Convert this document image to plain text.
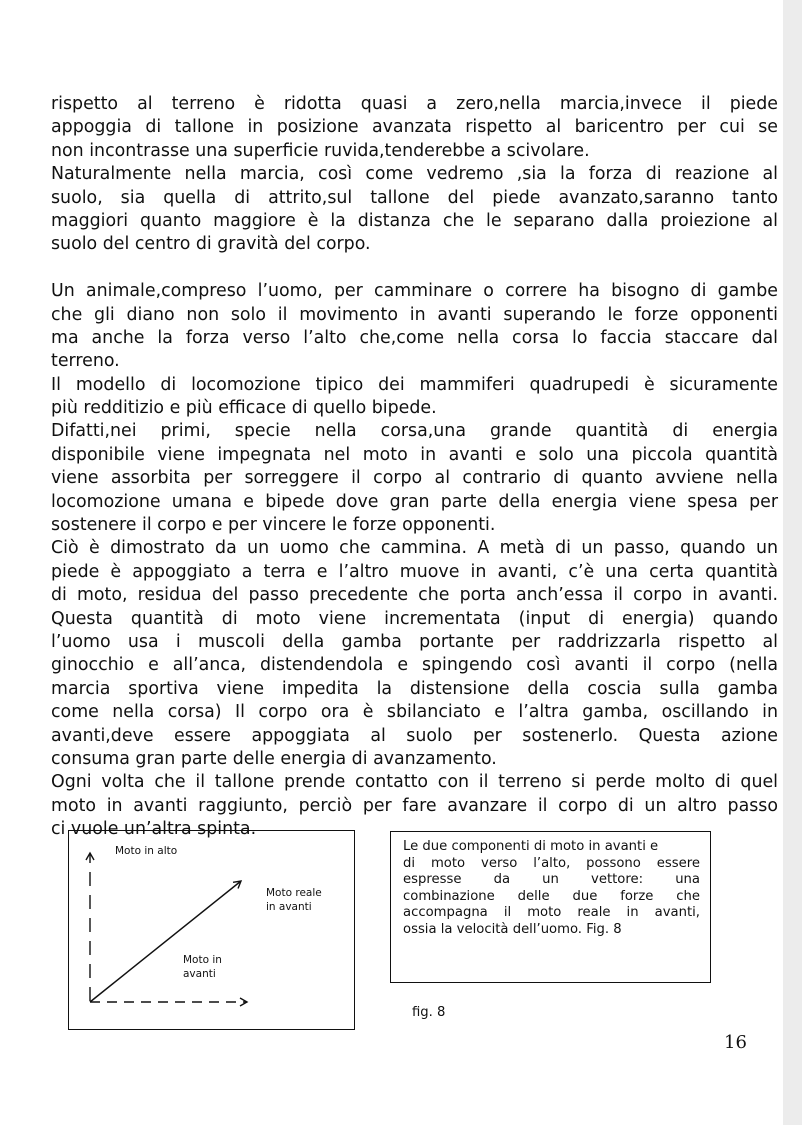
rispetto al terreno è ridotta quasi a zero,nella marcia,invece il piede
appoggia di tallone in posizione avanzata rispetto al baricentro per cui se
non incontrasse una superficie ruvida,tenderebbe a scivolare.
Naturalmente nella marcia, così come vedremo ,sia la forza di reazione al
suolo, sia quella di attrito,sul tallone del piede avanzato,saranno tanto
maggiori quanto maggiore è la distanza che le separano dalla proiezione al
suolo del centro di gravità del corpo.
Un animale,compreso l’uomo, per camminare o correre ha bisogno di gambe
che gli diano non solo il movimento in avanti superando le forze opponenti
ma anche la forza verso l’alto che,come nella corsa lo faccia staccare dal
terreno.
Il modello di locomozione tipico dei mammiferi quadrupedi è sicuramente
più redditizio e più efficace di quello bipede.
Difatti,nei primi, specie nella corsa,una grande quantità di energia
disponibile viene impegnata nel moto in avanti e solo una piccola quantità
viene assorbita per sorreggere il corpo al contrario di quanto avviene nella
locomozione umana e bipede dove gran parte della energia viene spesa per
sostenere il corpo e per vincere le forze opponenti.
Ciò è dimostrato da un uomo che cammina. A metà di un passo, quando un
piede è appoggiato a terra e l’altro muove in avanti, c’è una certa quantità
di moto, residua del passo precedente che porta anch’essa il corpo in avanti.
Questa quantità di moto viene incrementata (input di energia) quando
l’uomo usa i muscoli della gamba portante per raddrizzarla rispetto al
ginocchio e all’anca, distendendola e spingendo così avanti il corpo (nella
marcia sportiva viene impedita la distensione della coscia sulla gamba
come nella corsa) Il corpo ora è sbilanciato e l’altra gamba, oscillando in
avanti,deve essere appoggiata al suolo per sostenerlo. Questa azione
consuma gran parte delle energia di avanzamento.
Ogni volta che il tallone prende contatto con il terreno si perde molto di quel
moto in avanti raggiunto, perciò per fare avanzare il corpo di un altro passo
ci vuole un’altra spinta.
Moto in alto
Moto reale
in avanti
Moto in
avanti
Le due componenti di moto in avanti e
di moto verso l’alto, possono essere
espresse da un vettore: una
combinazione delle due forze che
accompagna il moto reale in avanti,
ossia la velocità dell’uomo. Fig. 8
fig. 8
16
